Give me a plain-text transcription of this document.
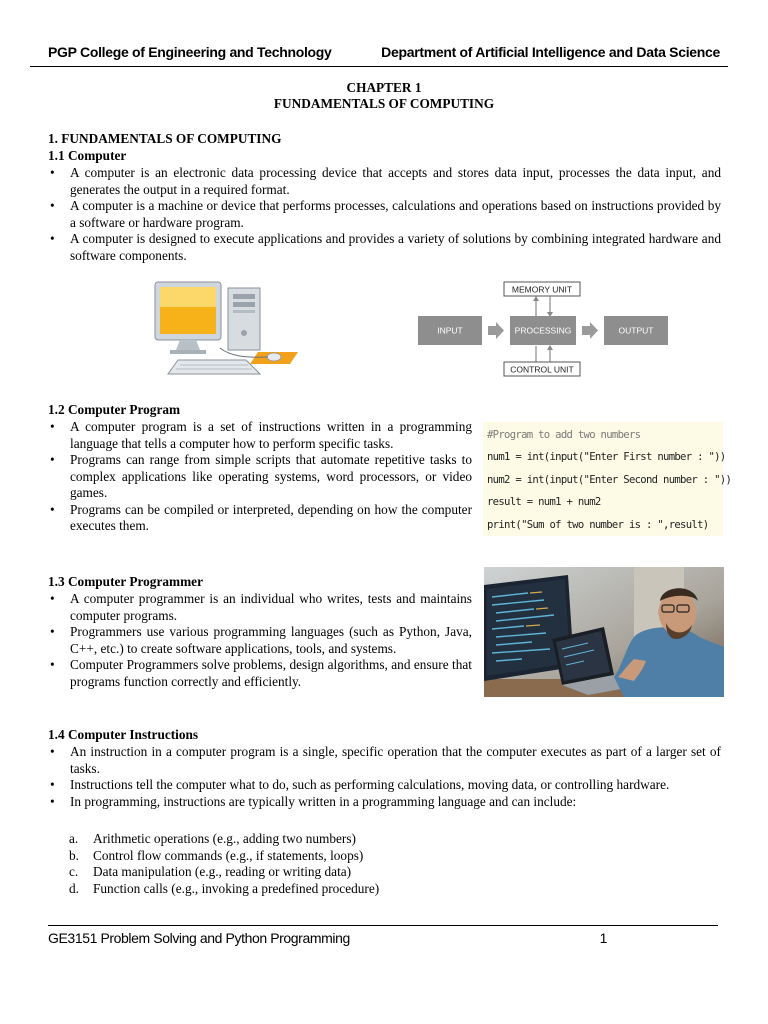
PGP College of Engineering and Technology	Department of Artificial Intelligence and Data Science
CHAPTER 1
FUNDAMENTALS OF COMPUTING
1. FUNDAMENTALS OF COMPUTING
1.1 Computer
• A computer is an electronic data processing device that accepts and stores data input, processes the data input, and generates the output in a required format.
• A computer is a machine or device that performs processes, calculations and operations based on instructions provided by a software or hardware program.
• A computer is designed to execute applications and provides a variety of solutions by combining integrated hardware and software components.
MEMORY UNIT
INPUT	PROCESSING	OUTPUT
CONTROL UNIT
1.2 Computer Program
• A computer program is a set of instructions written in a programming language that tells a computer how to perform specific tasks.
• Programs can range from simple scripts that automate repetitive tasks to complex applications like operating systems, word processors, or video games.
• Programs can be compiled or interpreted, depending on how the computer executes them.
#Program to add two numbers
num1 = int(input("Enter First number : "))
num2 = int(input("Enter Second number : "))
result = num1 + num2
print("Sum of two number is : ",result)
1.3 Computer Programmer
• A computer programmer is an individual who writes, tests and maintains computer programs.
• Programmers use various programming languages (such as Python, Java, C++, etc.) to create software applications, tools, and systems.
• Computer Programmers solve problems, design algorithms, and ensure that programs function correctly and efficiently.
1.4 Computer Instructions
• An instruction in a computer program is a single, specific operation that the computer executes as part of a larger set of tasks.
• Instructions tell the computer what to do, such as performing calculations, moving data, or controlling hardware.
• In programming, instructions are typically written in a programming language and can include:
a. Arithmetic operations (e.g., adding two numbers)
b. Control flow commands (e.g., if statements, loops)
c. Data manipulation (e.g., reading or writing data)
d. Function calls (e.g., invoking a predefined procedure)
GE3151 Problem Solving and Python Programming	1
